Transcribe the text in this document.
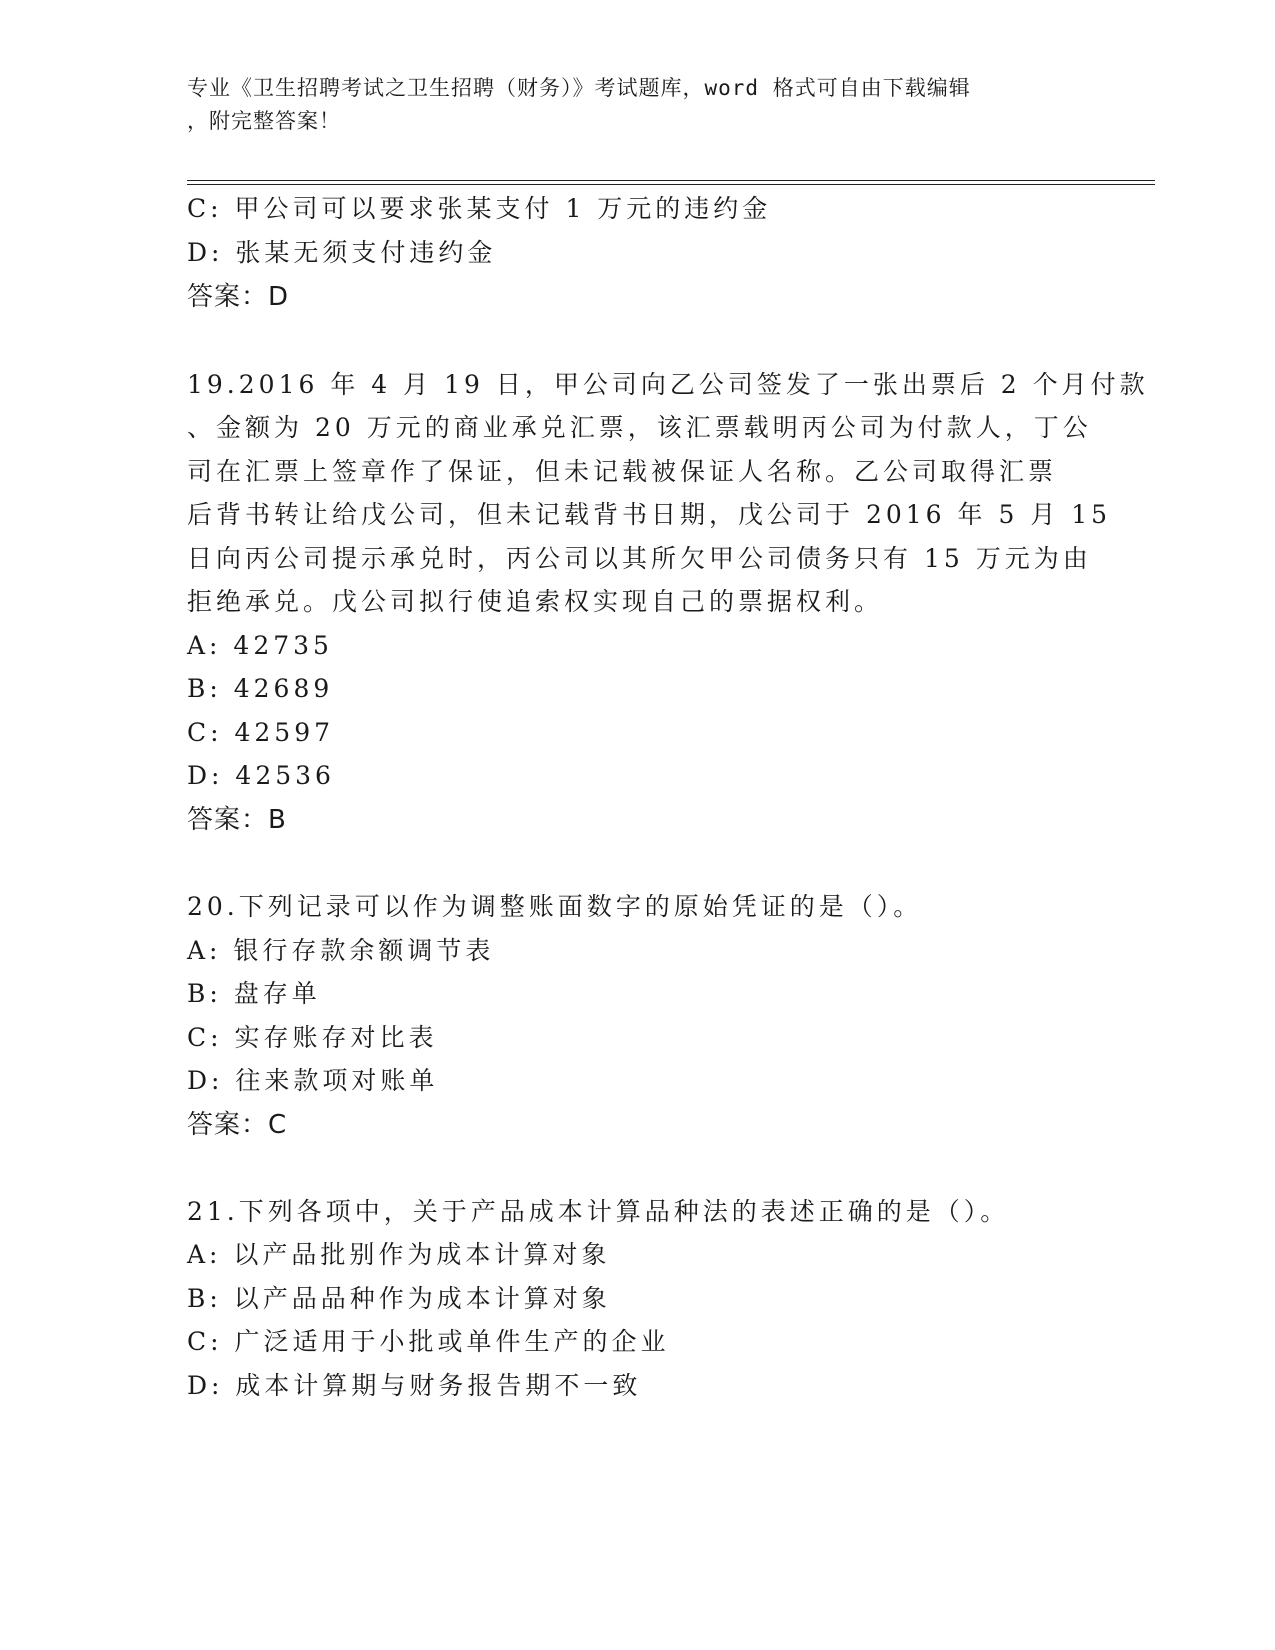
专业《卫生招聘考试之卫生招聘（财务）》考试题库，word 格式可自由下载编辑
，附完整答案！
C: 甲公司可以要求张某支付 1 万元的违约金
D: 张某无须支付违约金
答案：D
19.2016 年 4 月 19 日，甲公司向乙公司签发了一张出票后 2 个月付款
、金额为 20 万元的商业承兑汇票，该汇票载明丙公司为付款人，丁公
司在汇票上签章作了保证，但未记载被保证人名称。乙公司取得汇票
后背书转让给戊公司，但未记载背书日期，戊公司于 2016 年 5 月 15
日向丙公司提示承兑时，丙公司以其所欠甲公司债务只有 15 万元为由
拒绝承兑。戊公司拟行使追索权实现自己的票据权利。
A: 42735
B: 42689
C: 42597
D: 42536
答案：B
20.下列记录可以作为调整账面数字的原始凭证的是（）。
A: 银行存款余额调节表
B: 盘存单
C: 实存账存对比表
D: 往来款项对账单
答案：C
21.下列各项中，关于产品成本计算品种法的表述正确的是（）。
A: 以产品批别作为成本计算对象
B: 以产品品种作为成本计算对象
C: 广泛适用于小批或单件生产的企业
D: 成本计算期与财务报告期不一致
